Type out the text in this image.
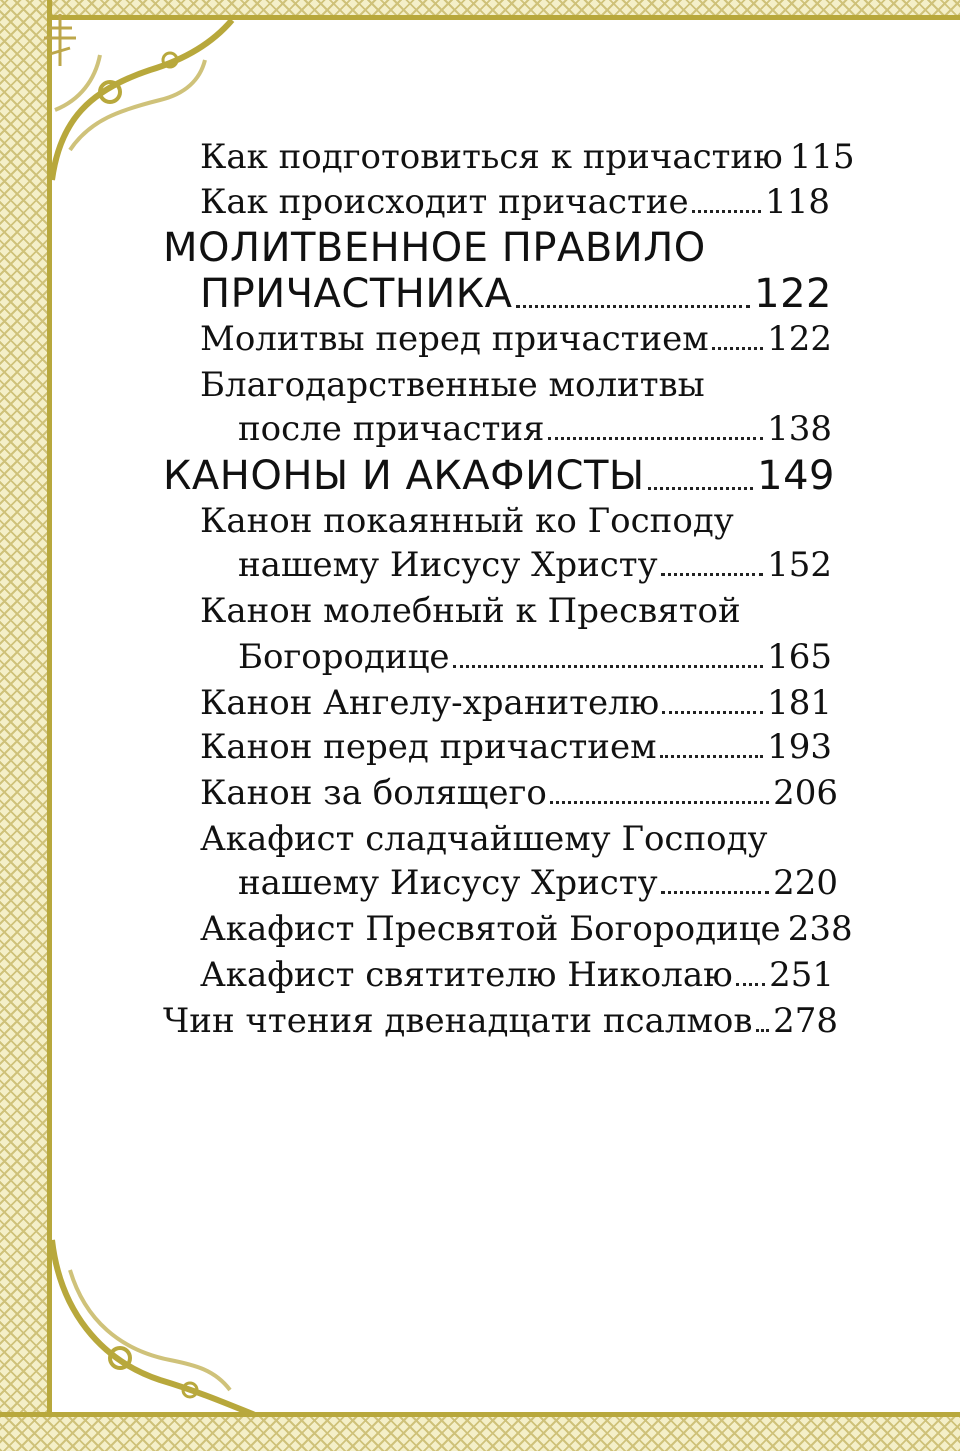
Как подготовиться к причастию 115
Как происходит причастие 118
МОЛИТВЕННОЕ ПРАВИЛО
ПРИЧАСТНИКА	122
Молитвы перед причастием 122
Благодарственные молитвы
после причастия	138
КАНОНЫ И АКАФИСТЫ	149
Канон покаянный ко Господу
нашему Иисусу Христу	152
Канон молебный к Пресвятой
Богородице	165
Канон Ангелу-хранителю	181
Канон перед причастием	193
Канон за болящего	206
Акафист сладчайшему Господу
нашему Иисусу Христу	220
Акафист Пресвятой Богородице 238
Акафист святителю Николаю 251
Чин чтения двенадцати псалмов 278
